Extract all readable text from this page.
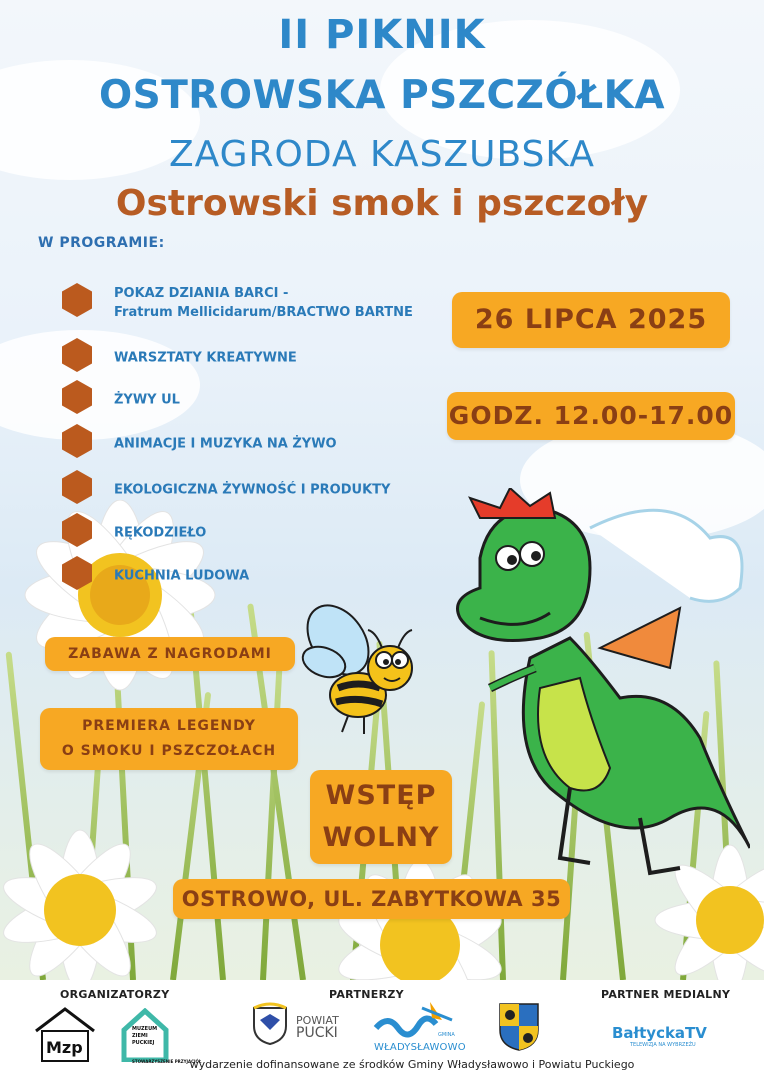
II PIKNIK
OSTROWSKA PSZCZÓŁKA
ZAGRODA KASZUBSKA
Ostrowski smok i pszczoły
W PROGRAMIE:
POKAZ DZIANIA BARCI -
Fratrum Mellicidarum/BRACTWO BARTNE
WARSZTATY KREATYWNE
ŻYWY UL
ANIMACJE I MUZYKA NA ŻYWO
EKOLOGICZNA ŻYWNOŚĆ I PRODUKTY
RĘKODZIEŁO
KUCHNIA LUDOWA
26 LIPCA 2025
GODZ. 12.00-17.00
ZABAWA Z NAGRODAMI
PREMIERA LEGENDY
O SMOKU I PSZCZOŁACH
WSTĘP
WOLNY
OSTROWO, UL. ZABYTKOWA 35
ORGANIZATORZY	PARTNERZY	PARTNER MEDIALNY
Mzp
MUZEUM
ZIEMI
PUCKIEJ
STOWARZYSZENIE PRZYJACIÓŁ
POWIAT
PUCKI	GMINA
WŁADYSŁAWOWO
BałtyckaTV
TELEWIZJA NA WYBRZEŻU
wydarzenie dofinansowane ze środków Gminy Władysławowo i Powiatu Puckiego
